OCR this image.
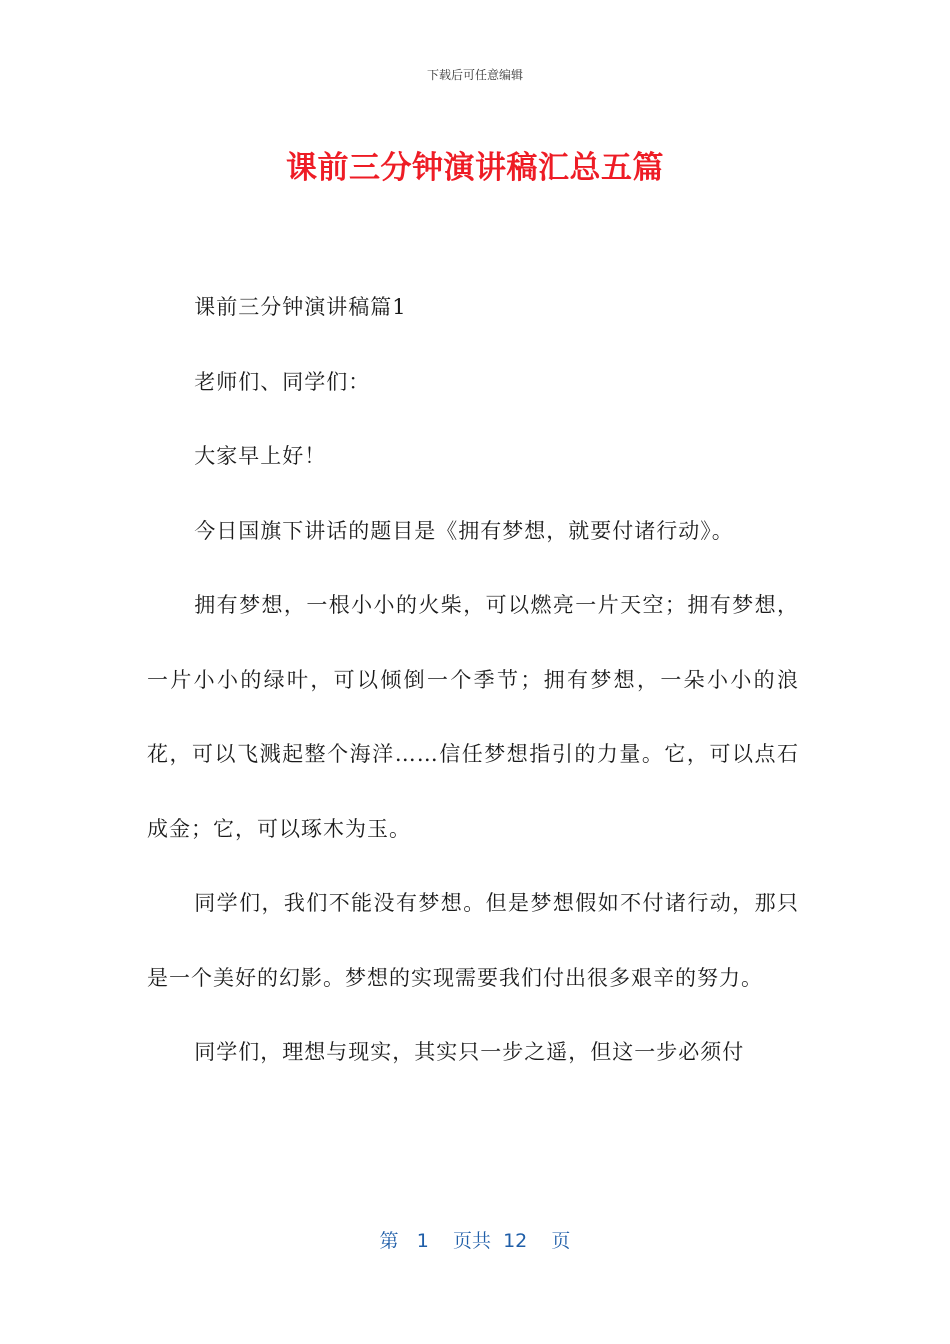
下载后可任意编辑
课前三分钟演讲稿汇总五篇

课前三分钟演讲稿篇1

老师们、同学们：

大家早上好！

今日国旗下讲话的题目是《拥有梦想，就要付诸行动》。

拥有梦想，一根小小的火柴，可以燃亮一片天空；拥有梦想，一片小小的绿叶，可以倾倒一个季节；拥有梦想，一朵小小的浪花，可以飞溅起整个海洋……信任梦想指引的力量。它，可以点石成金；它，可以琢木为玉。

同学们，我们不能没有梦想。但是梦想假如不付诸行动，那只是一个美好的幻影。梦想的实现需要我们付出很多艰辛的努力。

同学们，理想与现实，其实只一步之遥，但这一步必须付

第 1 页共 12 页
